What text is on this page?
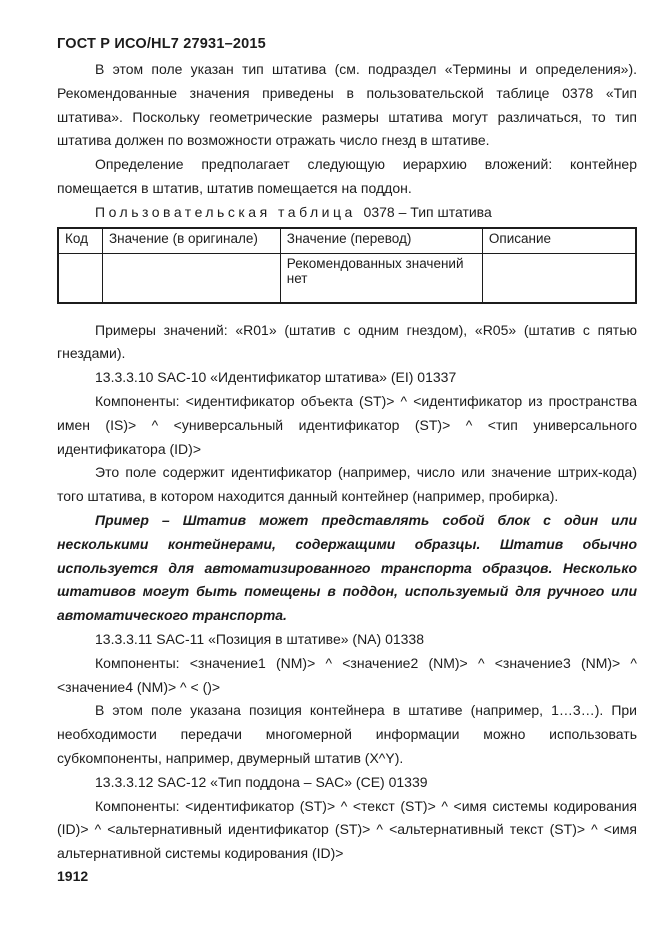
ГОСТ Р ИСО/HL7 27931–2015

В этом поле указан тип штатива (см. подраздел «Термины и определения»). Рекомендованные значения приведены в пользовательской таблице 0378 «Тип штатива». Поскольку геометрические размеры штатива могут различаться, то тип штатива должен по возможности отражать число гнезд в штативе.

Определение предполагает следующую иерархию вложений: контейнер помещается в штатив, штатив помещается на поддон.

Пользовательская таблица 0378 – Тип штатива

Код	Значение (в оригинале)	Значение (перевод)	Описание
		Рекомендованных значений нет	

Примеры значений: «R01» (штатив с одним гнездом), «R05» (штатив с пятью гнездами).

13.3.3.10 SAC-10 «Идентификатор штатива» (EI) 01337

Компоненты: <идентификатор объекта (ST)> ^ <идентификатор из пространства имен (IS)> ^ <универсальный идентификатор (ST)> ^ <тип универсального идентификатора (ID)>

Это поле содержит идентификатор (например, число или значение штрих-кода) того штатива, в котором находится данный контейнер (например, пробирка).

Пример – Штатив может представлять собой блок с один или несколькими контейнерами, содержащими образцы. Штатив обычно используется для автоматизированного транспорта образцов. Несколько штативов могут быть помещены в поддон, используемый для ручного или автоматического транспорта.

13.3.3.11 SAC-11 «Позиция в штативе» (NA) 01338

Компоненты: <значение1 (NM)> ^ <значение2 (NM)> ^ <значение3 (NM)> ^ <значение4 (NM)> ^ < ()>

В этом поле указана позиция контейнера в штативе (например, 1…3…). При необходимости передачи многомерной информации можно использовать субкомпоненты, например, двумерный штатив (X^Y).

13.3.3.12 SAC-12 «Тип поддона – SAC» (CE) 01339

Компоненты: <идентификатор (ST)> ^ <текст (ST)> ^ <имя системы кодирования (ID)> ^ <альтернативный идентификатор (ST)> ^ <альтернативный текст (ST)> ^ <имя альтернативной системы кодирования (ID)>

1912
